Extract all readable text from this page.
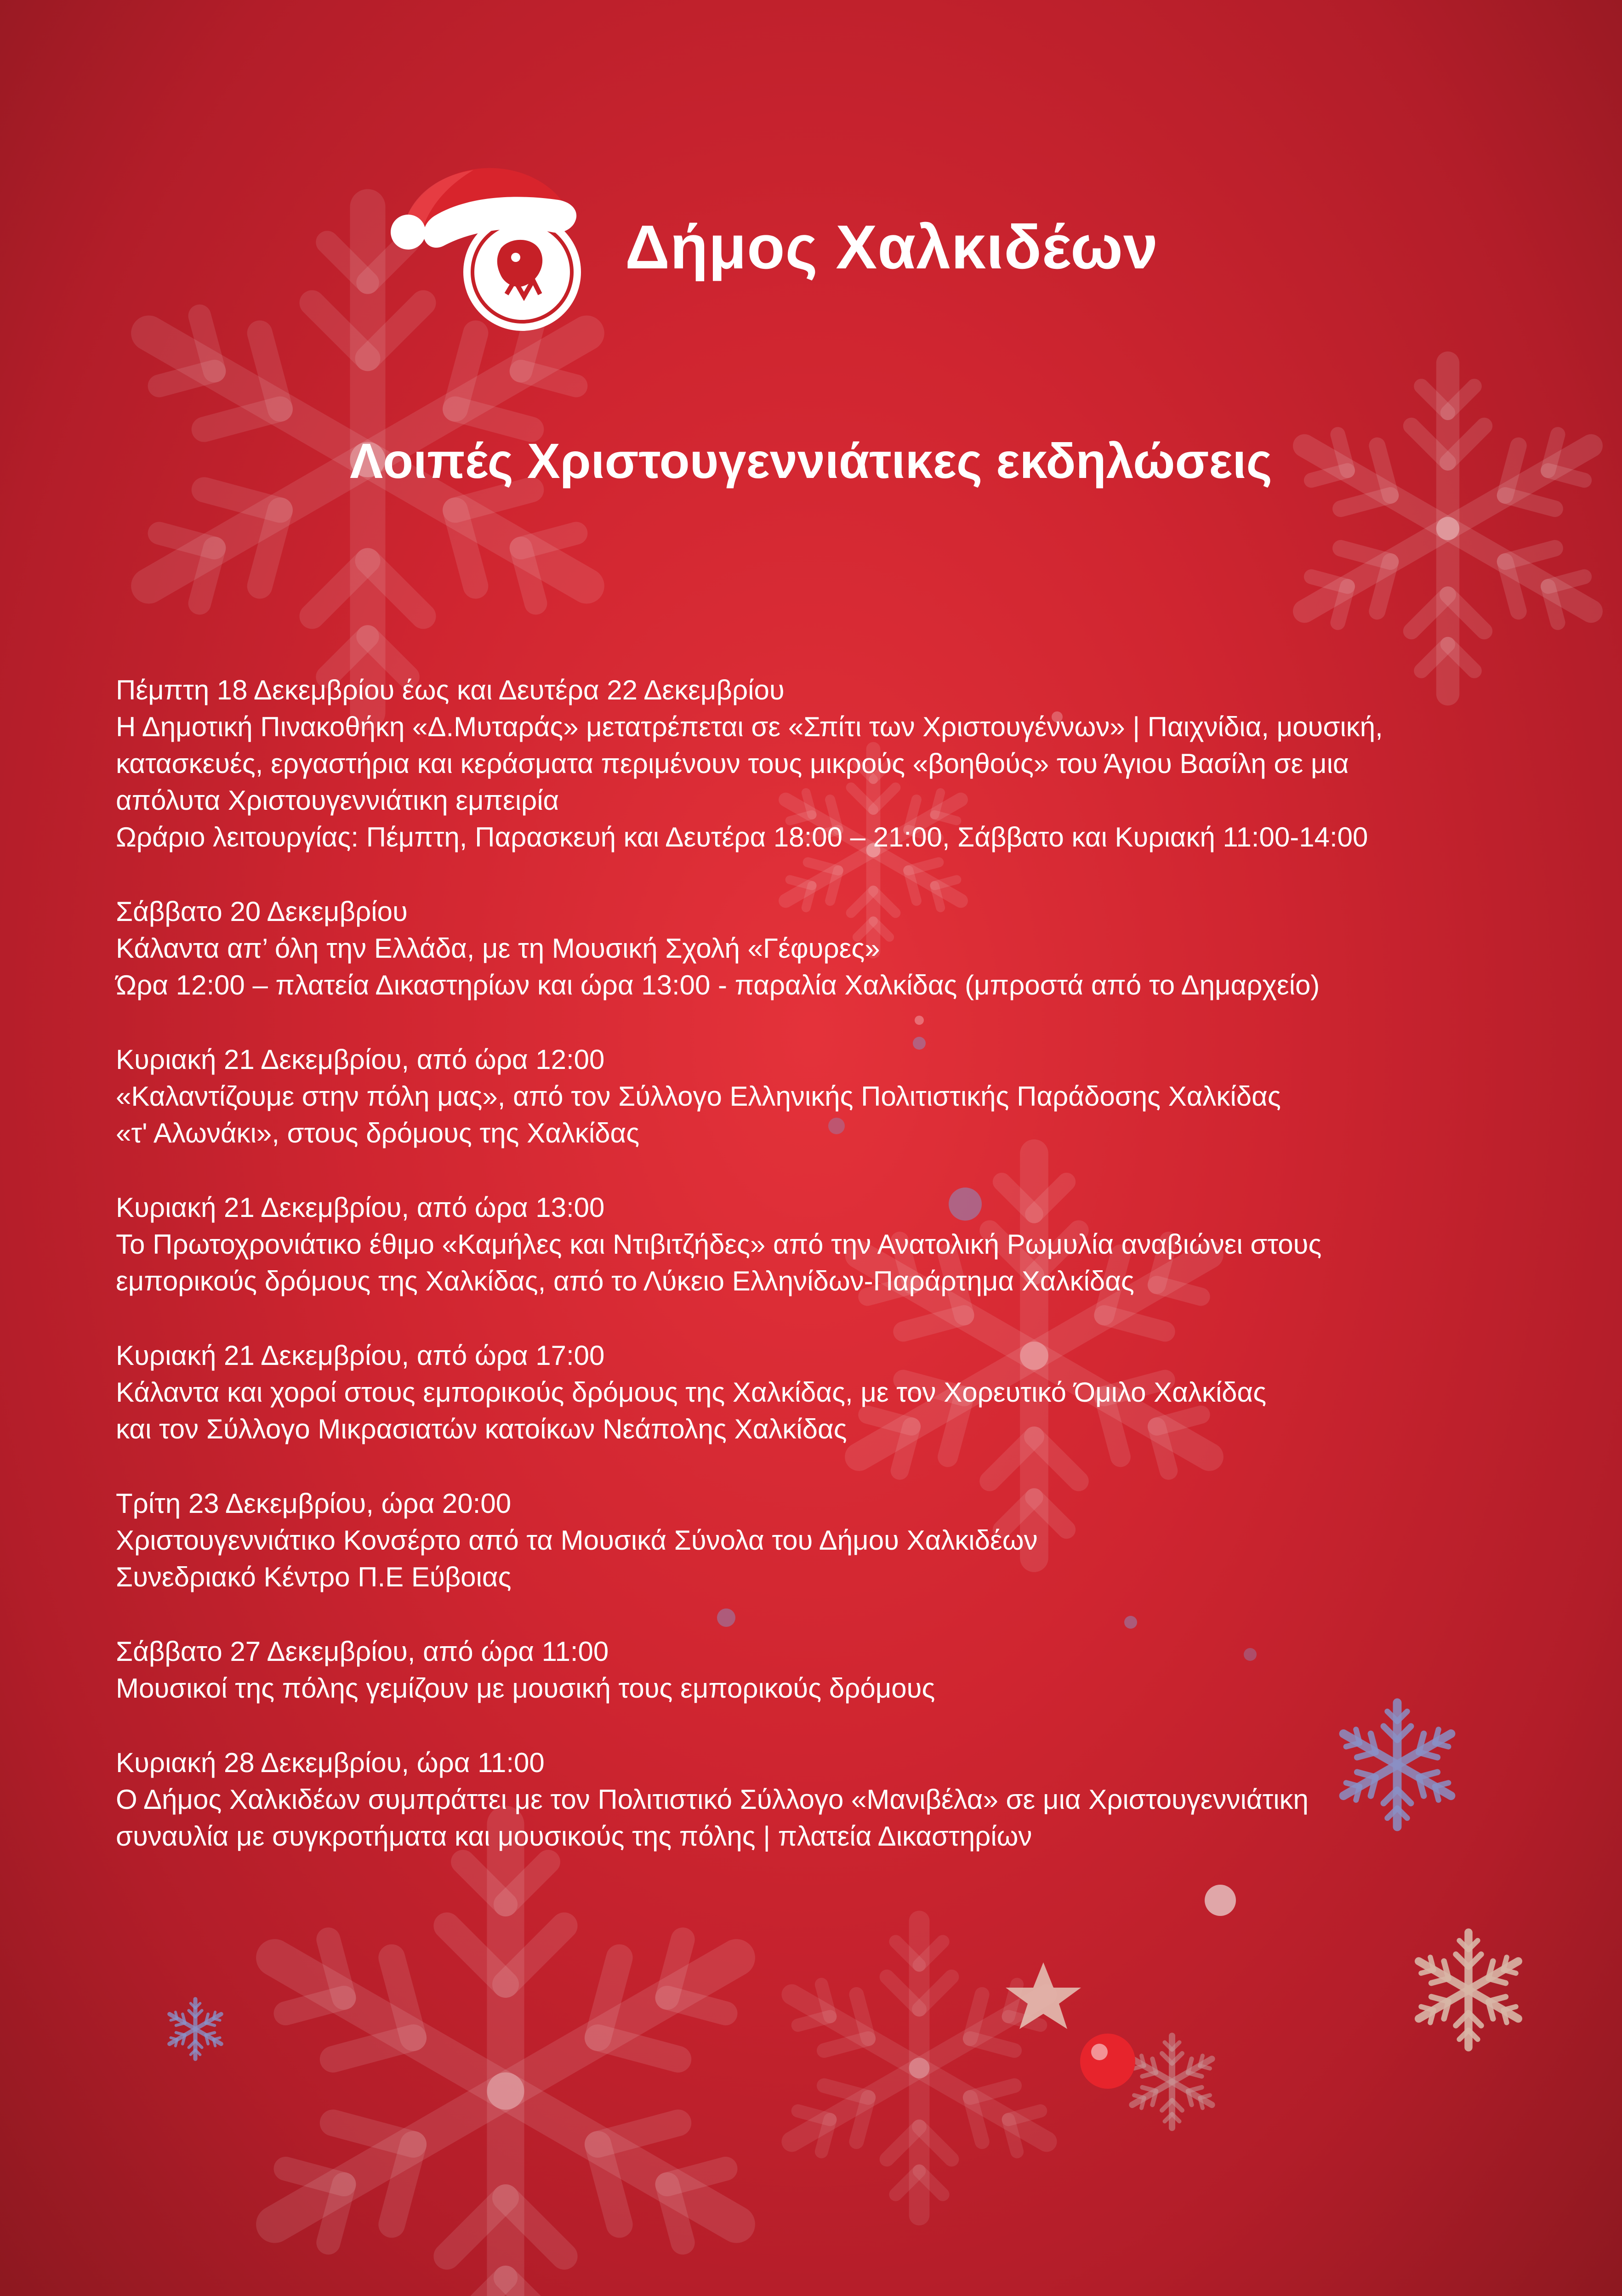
Δήμος Χαλκιδέων
Λοιπές Χριστουγεννιάτικες εκδηλώσεις

Πέμπτη 18 Δεκεμβρίου έως και Δευτέρα 22 Δεκεμβρίου

Η Δημοτική Πινακοθήκη «Δ.Μυταράς» μετατρέπεται σε «Σπίτι των Χριστουγέννων» | Παιχνίδια, μουσική,

κατασκευές, εργαστήρια και κεράσματα περιμένουν τους μικρούς «βοηθούς» του Άγιου Βασίλη σε μια

απόλυτα Χριστουγεννιάτικη εμπειρία

Ωράριο λειτουργίας: Πέμπτη, Παρασκευή και Δευτέρα 18:00 – 21:00, Σάββατο και Κυριακή 11:00-14:00

Σάββατο 20 Δεκεμβρίου

Κάλαντα απ’ όλη την Ελλάδα, με τη Μουσική Σχολή «Γέφυρες»

Ώρα 12:00 – πλατεία Δικαστηρίων και ώρα 13:00 - παραλία Χαλκίδας (μπροστά από το Δημαρχείο)

Κυριακή 21 Δεκεμβρίου, από ώρα 12:00

«Καλαντίζουμε στην πόλη μας», από τον Σύλλογο Ελληνικής Πολιτιστικής Παράδοσης Χαλκίδας

«τ' Αλωνάκι», στους δρόμους της Χαλκίδας

Κυριακή 21 Δεκεμβρίου, από ώρα 13:00

Το Πρωτοχρονιάτικο έθιμο «Καμήλες και Ντιβιτζήδες» από την Ανατολική Ρωμυλία αναβιώνει στους

εμπορικούς δρόμους της Χαλκίδας, από το Λύκειο Ελληνίδων-Παράρτημα Χαλκίδας

Κυριακή 21 Δεκεμβρίου, από ώρα 17:00

Κάλαντα και χοροί στους εμπορικούς δρόμους της Χαλκίδας, με τον Χορευτικό Όμιλο Χαλκίδας

και τον Σύλλογο Μικρασιατών κατοίκων Νεάπολης Χαλκίδας

Τρίτη 23 Δεκεμβρίου, ώρα 20:00

Χριστουγεννιάτικο Κονσέρτο από τα Μουσικά Σύνολα του Δήμου Χαλκιδέων

Συνεδριακό Κέντρο Π.Ε Εύβοιας

Σάββατο 27 Δεκεμβρίου, από ώρα 11:00

Μουσικοί της πόλης γεμίζουν με μουσική τους εμπορικούς δρόμους

Κυριακή 28 Δεκεμβρίου, ώρα 11:00

Ο Δήμος Χαλκιδέων συμπράττει με τον Πολιτιστικό Σύλλογο «Μανιβέλα» σε μια Χριστουγεννιάτικη

συναυλία με συγκροτήματα και μουσικούς της πόλης | πλατεία Δικαστηρίων
